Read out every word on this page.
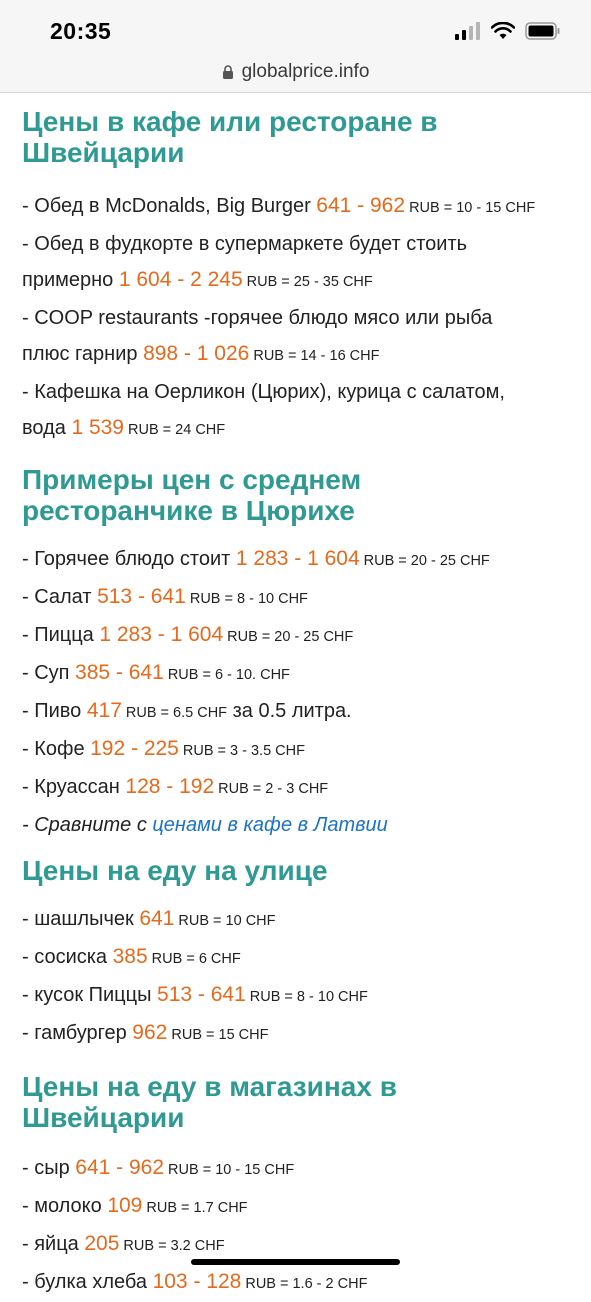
20:35
globalprice.info
Цены в кафе или ресторане в
Швейцарии
- Обед в McDonalds, Big Burger 641 - 962 RUB = 10 - 15 CHF
- Обед в фудкорте в супермаркете будет стоить
примерно 1 604 - 2 245 RUB = 25 - 35 CHF
- COOP restaurants -горячее блюдо мясо или рыба
плюс гарнир 898 - 1 026 RUB = 14 - 16 CHF
- Кафешка на Оерликон (Цюрих), курица с салатом,
вода 1 539 RUB = 24 CHF
Примеры цен с среднем
ресторанчике в Цюрихе
- Горячее блюдо стоит 1 283 - 1 604 RUB = 20 - 25 CHF
- Салат 513 - 641 RUB = 8 - 10 CHF
- Пицца 1 283 - 1 604 RUB = 20 - 25 CHF
- Суп 385 - 641 RUB = 6 - 10. CHF
- Пиво 417 RUB = 6.5 CHF за 0.5 литра.
- Кофе 192 - 225 RUB = 3 - 3.5 CHF
- Круассан 128 - 192 RUB = 2 - 3 CHF
- Сравните с ценами в кафе в Латвии
Цены на еду на улице
- шашлычек 641 RUB = 10 CHF
- сосиска 385 RUB = 6 CHF
- кусок Пиццы 513 - 641 RUB = 8 - 10 CHF
- гамбургер 962 RUB = 15 CHF
Цены на еду в магазинах в
Швейцарии
- сыр 641 - 962 RUB = 10 - 15 CHF
- молоко 109 RUB = 1.7 CHF
- яйца 205 RUB = 3.2 CHF
- булка хлеба 103 - 128 RUB = 1.6 - 2 CHF
